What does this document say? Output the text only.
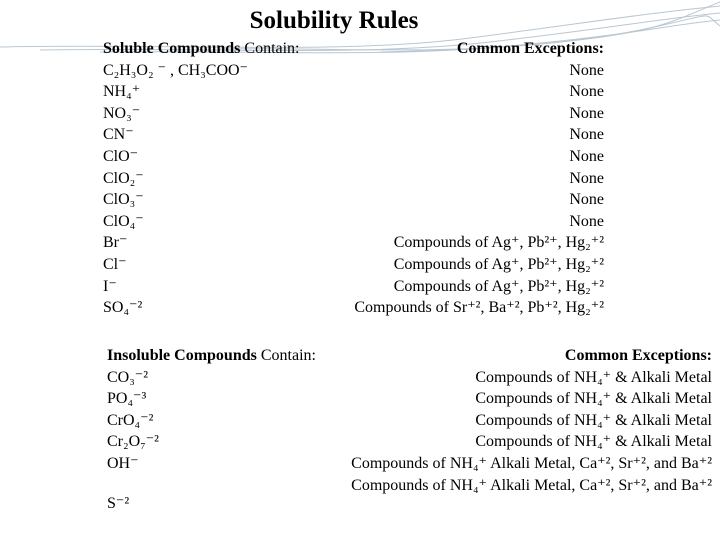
Solubility Rules
Soluble Compounds Contain:
C₂H₃O₂ ⁻ , CH₃COO⁻
NH₄⁺
NO₃⁻
CN⁻
ClO⁻
ClO₂⁻
ClO₃⁻
ClO₄⁻
Br⁻
Cl⁻
I⁻
SO₄⁻²
Common Exceptions:
None
None
None
None
None
None
None
None
Compounds of Ag⁺, Pb²⁺, Hg₂⁺²
Compounds of Ag⁺, Pb²⁺, Hg₂⁺²
Compounds of Ag⁺, Pb²⁺, Hg₂⁺²
Compounds of Sr⁺², Ba⁺², Pb⁺², Hg₂⁺²
Insoluble Compounds Contain:
CO₃⁻²
PO₄⁻³
CrO₄⁻²
Cr₂O₇⁻²
OH⁻
S⁻²
Common Exceptions:
Compounds of NH₄⁺ & Alkali Metal
Compounds of NH₄⁺ & Alkali Metal
Compounds of NH₄⁺ & Alkali Metal
Compounds of NH₄⁺ & Alkali Metal
Compounds of NH₄⁺ Alkali Metal, Ca⁺², Sr⁺², and Ba⁺²
Compounds of NH₄⁺ Alkali Metal, Ca⁺², Sr⁺², and Ba⁺²
